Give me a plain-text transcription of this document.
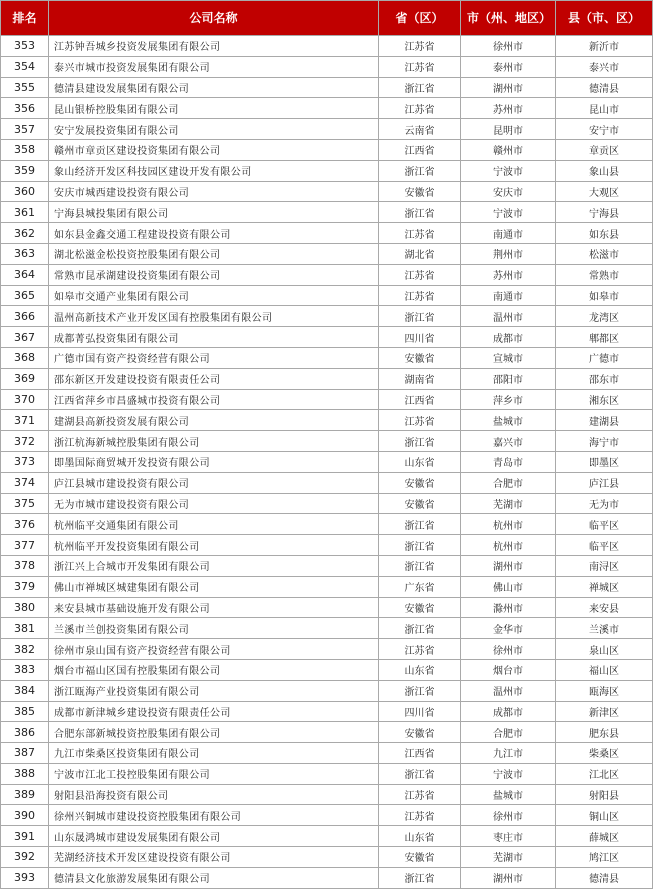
排名	公司名称	省（区）	市（州、地区）	县（市、区）
353	江苏钟吾城乡投资发展集团有限公司	江苏省	徐州市	新沂市
354	泰兴市城市投资发展集团有限公司	江苏省	泰州市	泰兴市
355	德清县建设发展集团有限公司	浙江省	湖州市	德清县
356	昆山银桥控股集团有限公司	江苏省	苏州市	昆山市
357	安宁发展投资集团有限公司	云南省	昆明市	安宁市
358	赣州市章贡区建设投资集团有限公司	江西省	赣州市	章贡区
359	象山经济开发区科技园区建设开发有限公司	浙江省	宁波市	象山县
360	安庆市城西建设投资有限公司	安徽省	安庆市	大观区
361	宁海县城投集团有限公司	浙江省	宁波市	宁海县
362	如东县金鑫交通工程建设投资有限公司	江苏省	南通市	如东县
363	湖北松滋金松投资控股集团有限公司	湖北省	荆州市	松滋市
364	常熟市昆承湖建设投资集团有限公司	江苏省	苏州市	常熟市
365	如皋市交通产业集团有限公司	江苏省	南通市	如皋市
366	温州高新技术产业开发区国有控股集团有限公司	浙江省	温州市	龙湾区
367	成都菁弘投资集团有限公司	四川省	成都市	郫都区
368	广德市国有资产投资经营有限公司	安徽省	宣城市	广德市
369	邵东新区开发建设投资有限责任公司	湖南省	邵阳市	邵东市
370	江西省萍乡市昌盛城市投资有限公司	江西省	萍乡市	湘东区
371	建湖县高新投资发展有限公司	江苏省	盐城市	建湖县
372	浙江杭海新城控股集团有限公司	浙江省	嘉兴市	海宁市
373	即墨国际商贸城开发投资有限公司	山东省	青岛市	即墨区
374	庐江县城市建设投资有限公司	安徽省	合肥市	庐江县
375	无为市城市建设投资有限公司	安徽省	芜湖市	无为市
376	杭州临平交通集团有限公司	浙江省	杭州市	临平区
377	杭州临平开发投资集团有限公司	浙江省	杭州市	临平区
378	浙江兴上合城市开发集团有限公司	浙江省	湖州市	南浔区
379	佛山市禅城区城建集团有限公司	广东省	佛山市	禅城区
380	来安县城市基础设施开发有限公司	安徽省	滁州市	来安县
381	兰溪市兰创投资集团有限公司	浙江省	金华市	兰溪市
382	徐州市泉山国有资产投资经营有限公司	江苏省	徐州市	泉山区
383	烟台市福山区国有控股集团有限公司	山东省	烟台市	福山区
384	浙江瓯海产业投资集团有限公司	浙江省	温州市	瓯海区
385	成都市新津城乡建设投资有限责任公司	四川省	成都市	新津区
386	合肥东部新城投资控股集团有限公司	安徽省	合肥市	肥东县
387	九江市柴桑区投资集团有限公司	江西省	九江市	柴桑区
388	宁波市江北工投控股集团有限公司	浙江省	宁波市	江北区
389	射阳县沿海投资有限公司	江苏省	盐城市	射阳县
390	徐州兴铜城市建设投资控股集团有限公司	江苏省	徐州市	铜山区
391	山东晟鸿城市建设发展集团有限公司	山东省	枣庄市	薛城区
392	芜湖经济技术开发区建设投资有限公司	安徽省	芜湖市	鸠江区
393	德清县文化旅游发展集团有限公司	浙江省	湖州市	德清县
